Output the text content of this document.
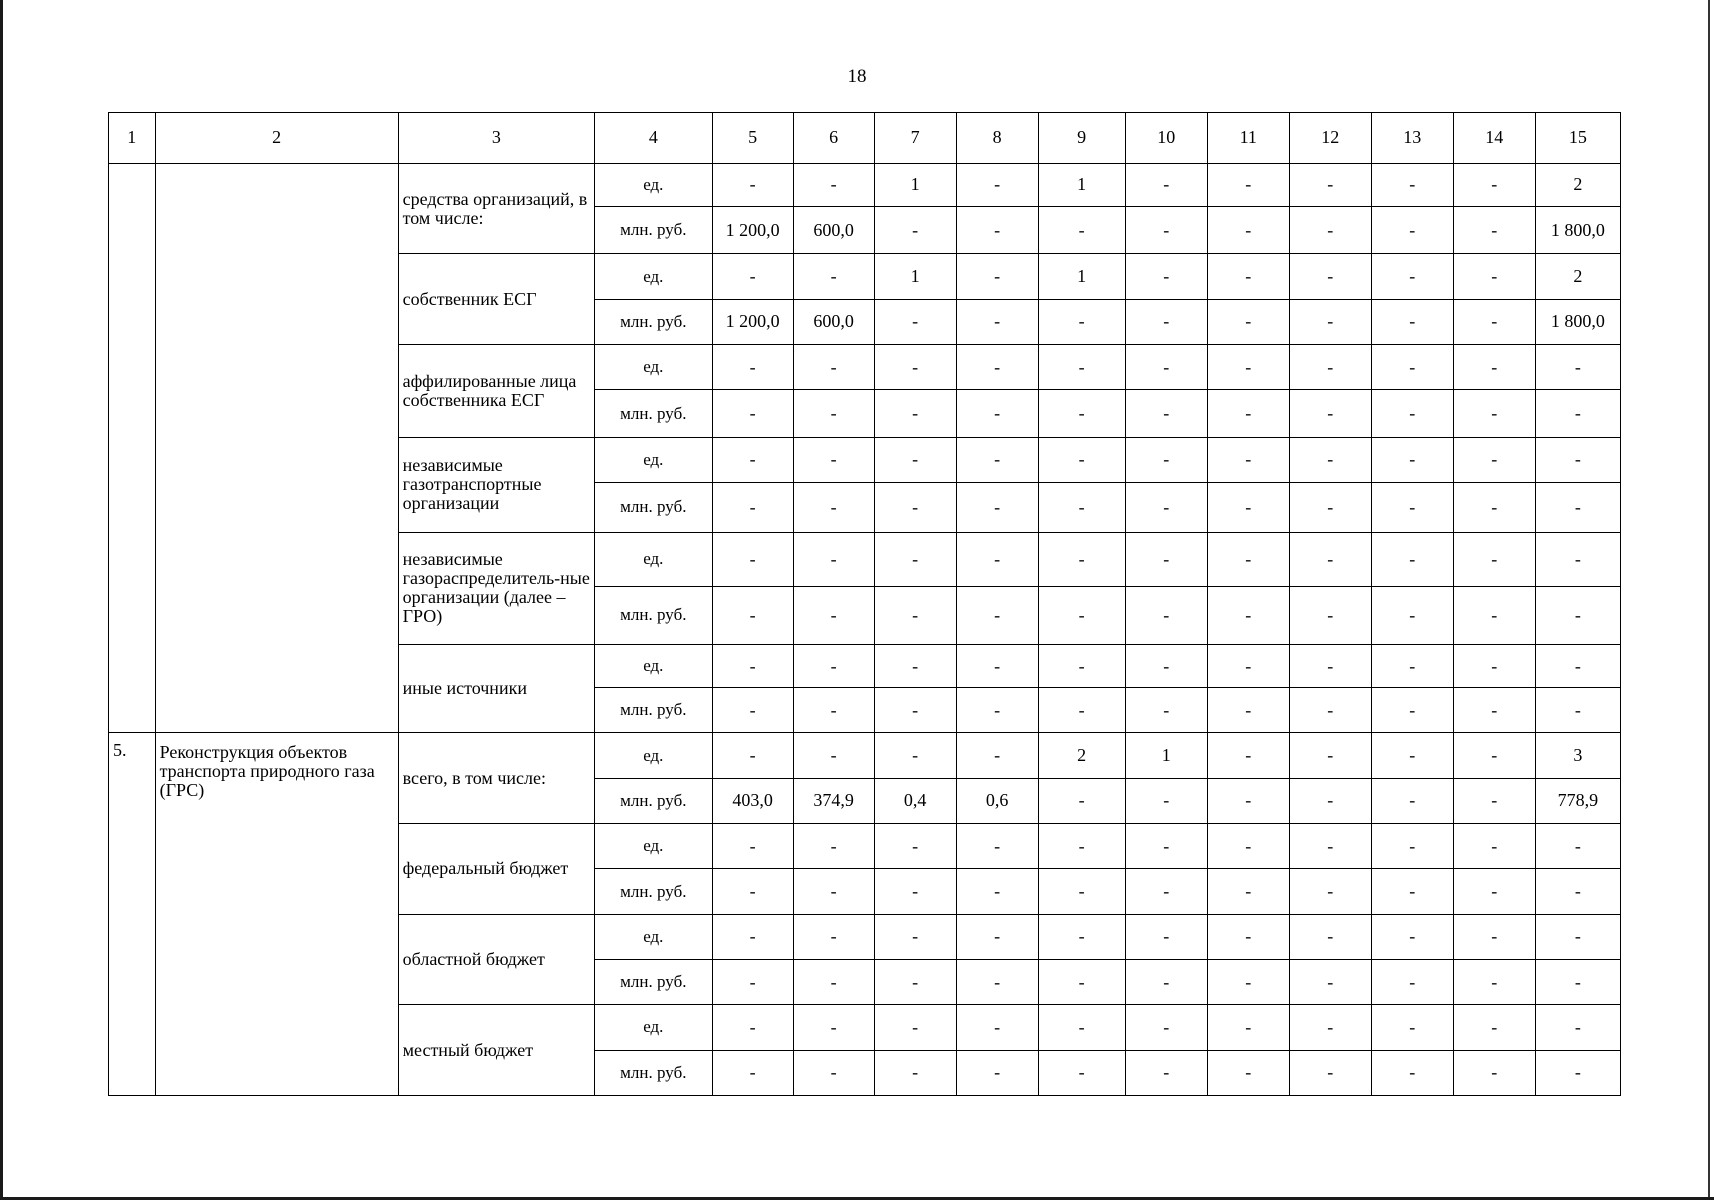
18
1	2	3	4	5	6	7	8	9	10	11	12	13	14	15
		средства организаций, в том числе:	ед.	-	-	1	-	1	-	-	-	-	-	2
			млн. руб.	1 200,0	600,0	-	-	-	-	-	-	-	-	1 800,0
		собственник ЕСГ	ед.	-	-	1	-	1	-	-	-	-	-	2
			млн. руб.	1 200,0	600,0	-	-	-	-	-	-	-	-	1 800,0
		аффилированные лица собственника ЕСГ	ед.	-	-	-	-	-	-	-	-	-	-	-
			млн. руб.	-	-	-	-	-	-	-	-	-	-	-
		независимые газотранспортные организации	ед.	-	-	-	-	-	-	-	-	-	-	-
			млн. руб.	-	-	-	-	-	-	-	-	-	-	-
		независимые газораспределитель-ные организации (далее – ГРО)	ед.	-	-	-	-	-	-	-	-	-	-	-
			млн. руб.	-	-	-	-	-	-	-	-	-	-	-
		иные источники	ед.	-	-	-	-	-	-	-	-	-	-	-
			млн. руб.	-	-	-	-	-	-	-	-	-	-	-
5.	Реконструкция объектов транспорта природного газа (ГРС)	всего, в том числе:	ед.	-	-	-	-	2	1	-	-	-	-	3
			млн. руб.	403,0	374,9	0,4	0,6	-	-	-	-	-	-	778,9
		федеральный бюджет	ед.	-	-	-	-	-	-	-	-	-	-	-
			млн. руб.	-	-	-	-	-	-	-	-	-	-	-
		областной бюджет	ед.	-	-	-	-	-	-	-	-	-	-	-
			млн. руб.	-	-	-	-	-	-	-	-	-	-	-
		местный бюджет	ед.	-	-	-	-	-	-	-	-	-	-	-
			млн. руб.	-	-	-	-	-	-	-	-	-	-	-
